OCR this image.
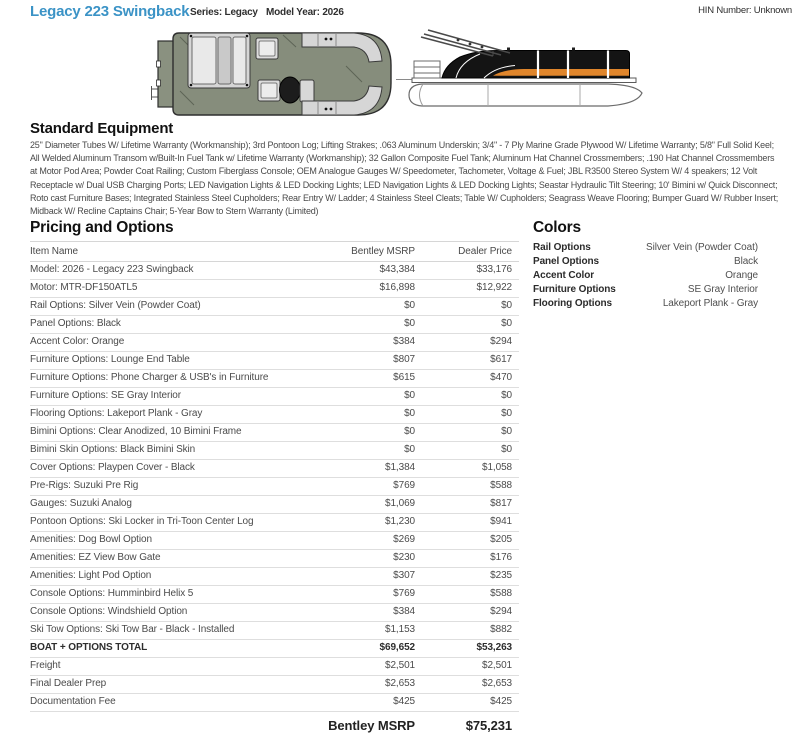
Legacy 223 Swingback Series: Legacy Model Year: 2026	HIN Number: Unknown
Standard Equipment
25" Diameter Tubes W/ Lifetime Warranty (Workmanship); 3rd Pontoon Log; Lifting Strakes; .063 Aluminum Underskin; 3/4" - 7 Ply Marine Grade Plywood W/ Lifetime Warranty; 5/8" Full Solid Keel; All Welded Aluminum Transom w/Built-In Fuel Tank w/ Lifetime Warranty (Workmanship); 32 Gallon Composite Fuel Tank; Aluminum Hat Channel Crossmembers; .190 Hat Channel Crossmembers at Motor Pod Area; Powder Coat Railing; Custom Fiberglass Console; OEM Analogue Gauges W/ Speedometer, Tachometer, Voltage & Fuel; JBL R3500 Stereo System W/ 4 speakers; 12 Volt Receptacle w/ Dual USB Charging Ports; LED Navigation Lights & LED Docking Lights; LED Navigation Lights & LED Docking Lights; Seastar Hydraulic Tilt Steering; 10' Bimini w/ Quick Disconnect; Roto cast Furniture Bases; Integrated Stainless Steel Cupholders; Rear Entry W/ Ladder; 4 Stainless Steel Cleats; Table W/ Cupholders; Seagrass Weave Flooring; Bumper Guard W/ Rubber Insert; Midback W/ Recline Captains Chair; 5-Year Bow to Stern Warranty (Limited)
Pricing and Options
Item Name	Bentley MSRP	Dealer Price
Model: 2026 - Legacy 223 Swingback	$43,384	$33,176
Motor: MTR-DF150ATL5	$16,898	$12,922
Rail Options: Silver Vein (Powder Coat)	$0	$0
Panel Options: Black	$0	$0
Accent Color: Orange	$384	$294
Furniture Options: Lounge End Table	$807	$617
Furniture Options: Phone Charger & USB's in Furniture	$615	$470
Furniture Options: SE Gray Interior	$0	$0
Flooring Options: Lakeport Plank - Gray	$0	$0
Bimini Options: Clear Anodized, 10 Bimini Frame	$0	$0
Bimini Skin Options: Black Bimini Skin	$0	$0
Cover Options: Playpen Cover - Black	$1,384	$1,058
Pre-Rigs: Suzuki Pre Rig	$769	$588
Gauges: Suzuki Analog	$1,069	$817
Pontoon Options: Ski Locker in Tri-Toon Center Log	$1,230	$941
Amenities: Dog Bowl Option	$269	$205
Amenities: EZ View Bow Gate	$230	$176
Amenities: Light Pod Option	$307	$235
Console Options: Humminbird Helix 5	$769	$588
Console Options: Windshield Option	$384	$294
Ski Tow Options: Ski Tow Bar - Black - Installed	$1,153	$882
BOAT + OPTIONS TOTAL	$69,652	$53,263
Freight	$2,501	$2,501
Final Dealer Prep	$2,653	$2,653
Documentation Fee	$425	$425
	Bentley MSRP	$75,231
Colors
Rail Options	Silver Vein (Powder Coat)
Panel Options	Black
Accent Color	Orange
Furniture Options	SE Gray Interior
Flooring Options	Lakeport Plank - Gray
